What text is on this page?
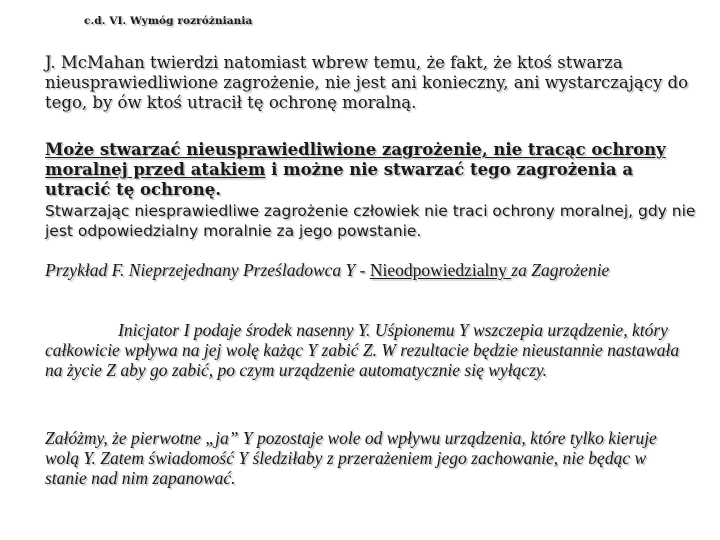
c.d. VI. Wymóg rozróżniania
J. McMahan twierdzi natomiast wbrew temu, że fakt, że ktoś stwarza nieusprawiedliwione zagrożenie, nie jest ani konieczny, ani wystarczający do tego, by ów ktoś utracił tę ochronę moralną.
Może stwarzać nieusprawiedliwione zagrożenie, nie tracąc ochrony moralnej przed atakiem i możne nie stwarzać tego zagrożenia a utracić tę ochronę.
Stwarzając niesprawiedliwe zagrożenie człowiek nie traci ochrony moralnej, gdy nie jest odpowiedzialny moralnie za jego powstanie.
Przykład F. Nieprzejednany Prześladowca Y - Nieodpowiedzialny za Zagrożenie
Inicjator I podaje środek nasenny Y. Uśpionemu Y wszczepia urządzenie, który całkowicie wpływa na jej wolę każąc Y zabić Z. W rezultacie będzie nieustannie nastawała na życie Z aby go zabić, po czym urządzenie automatycznie się wyłączy.
Załóżmy, że pierwotne „ja” Y pozostaje wole od wpływu urządzenia, które tylko kieruje wolą Y. Zatem świadomość Y śledziłaby z przerażeniem jego zachowanie, nie będąc w stanie nad nim zapanować.
